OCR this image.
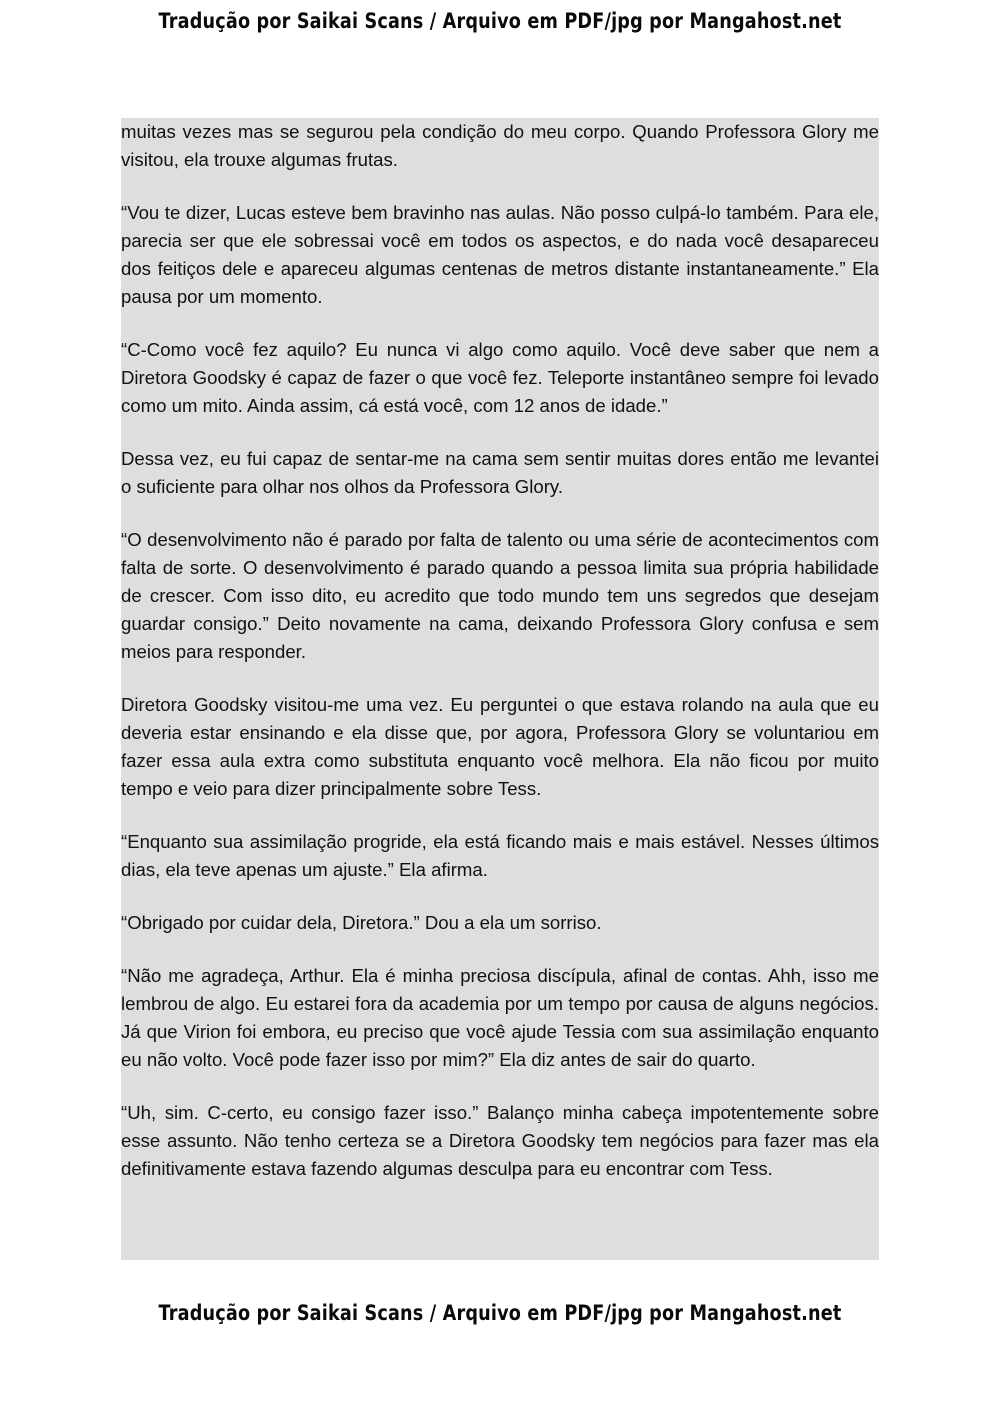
Tradução por Saikai Scans / Arquivo em PDF/jpg por Mangahost.net

muitas vezes mas se segurou pela condição do meu corpo. Quando Professora Glory me visitou, ela trouxe algumas frutas.

“Vou te dizer, Lucas esteve bem bravinho nas aulas. Não posso culpá-lo também. Para ele, parecia ser que ele sobressai você em todos os aspectos, e do nada você desapareceu dos feitiços dele e apareceu algumas centenas de metros distante instantaneamente.” Ela pausa por um momento.

“C-Como você fez aquilo? Eu nunca vi algo como aquilo. Você deve saber que nem a Diretora Goodsky é capaz de fazer o que você fez. Teleporte instantâneo sempre foi levado como um mito. Ainda assim, cá está você, com 12 anos de idade.”

Dessa vez, eu fui capaz de sentar-me na cama sem sentir muitas dores então me levantei o suficiente para olhar nos olhos da Professora Glory.

“O desenvolvimento não é parado por falta de talento ou uma série de acontecimentos com falta de sorte. O desenvolvimento é parado quando a pessoa limita sua própria habilidade de crescer. Com isso dito, eu acredito que todo mundo tem uns segredos que desejam guardar consigo.” Deito novamente na cama, deixando Professora Glory confusa e sem meios para responder.

Diretora Goodsky visitou-me uma vez. Eu perguntei o que estava rolando na aula que eu deveria estar ensinando e ela disse que, por agora, Professora Glory se voluntariou em fazer essa aula extra como substituta enquanto você melhora. Ela não ficou por muito tempo e veio para dizer principalmente sobre Tess.

“Enquanto sua assimilação progride, ela está ficando mais e mais estável. Nesses últimos dias, ela teve apenas um ajuste.” Ela afirma.

“Obrigado por cuidar dela, Diretora.” Dou a ela um sorriso.

“Não me agradeça, Arthur. Ela é minha preciosa discípula, afinal de contas. Ahh, isso me lembrou de algo. Eu estarei fora da academia por um tempo por causa de alguns negócios. Já que Virion foi embora, eu preciso que você ajude Tessia com sua assimilação enquanto eu não volto. Você pode fazer isso por mim?” Ela diz antes de sair do quarto.

“Uh, sim. C-certo, eu consigo fazer isso.” Balanço minha cabeça impotentemente sobre esse assunto. Não tenho certeza se a Diretora Goodsky tem negócios para fazer mas ela definitivamente estava fazendo algumas desculpa para eu encontrar com Tess.

Tradução por Saikai Scans / Arquivo em PDF/jpg por Mangahost.net
